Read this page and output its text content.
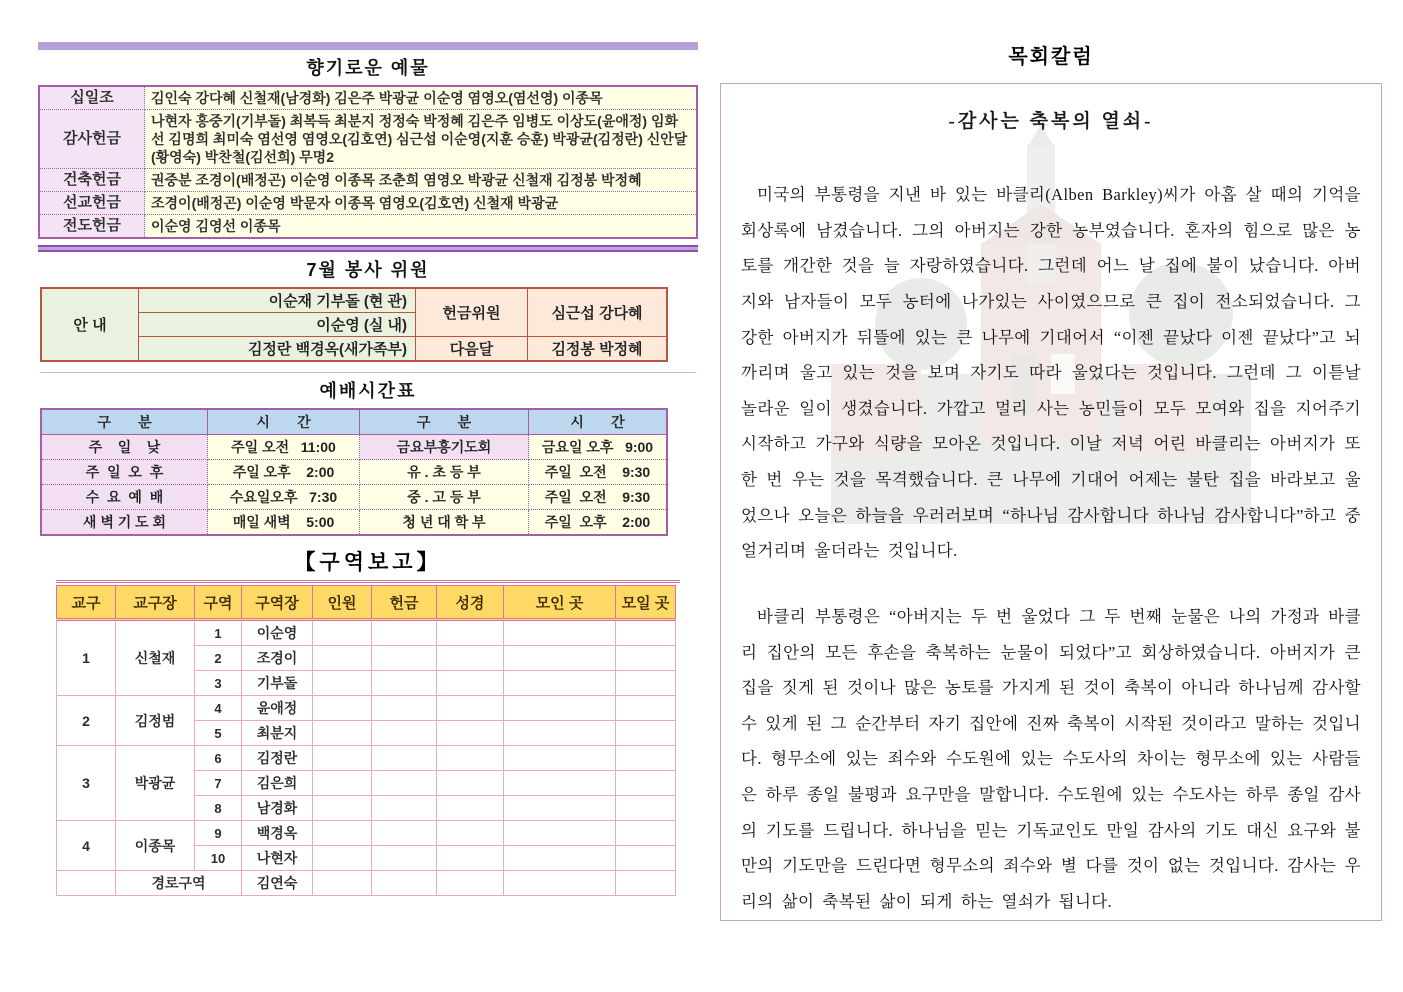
향기로운 예물
십일조	김인숙 강다혜 신철재(남경화) 김은주 박광균 이순영 염영오(염선영) 이종목
감사헌금	나현자 홍중기(기부돌) 최복득 최분지 정정숙 박정혜 김은주 임병도 이상도(윤애정) 임화선 김명희 최미숙 염선영 염영오(김호연) 심근섭 이순영(지훈 승훈) 박광균(김정란) 신안달(황영숙) 박찬철(김선희) 무명2
건축헌금	권중분 조경이(배정곤) 이순영 이종목 조춘희 염영오 박광균 신철재 김정봉 박정혜
선교헌금	조경이(배정곤) 이순영 박문자 이종목 염영오(김호연) 신철재 박광균
전도헌금	이순영 김영선 이종목
7월 봉사 위원
안 내	이순재 기부돌 (현 관)	헌금위원	심근섭 강다혜
	이순영 (실 내)		
	김정란 백경옥(새가족부)	다음달	김정봉 박정혜
예배시간표
구       분	시       간	구       분	시       간
주    일    낮	주일 오전   11:00	금요부흥기도회	금요일 오후   9:00
주  일  오  후	주일 오후    2:00	유 . 초 등 부	주일  오전    9:30
수  요  예  배	수요일오후   7:30	중 . 고 등 부	주일  오전    9:30
새 벽 기 도 회	매일 새벽    5:00	청 년 대 학 부	주일  오후    2:00
【구역보고】
교구	교구장	구역	구역장	인원	헌금	성경	모인 곳	모일 곳
1	신철재	1	이순영					
		2	조경이					
		3	기부돌					
2	김정범	4	윤애정					
		5	최분지					
3	박광균	6	김정란					
		7	김은희					
		8	남경화					
4	이종목	9	백경옥					
		10	나현자					
	경로구역		김연숙					
목회칼럼
-감사는 축복의 열쇠-

미국의 부통령을 지낸 바 있는 바클리(Alben Barkley)씨가 아홉 살 때의 기억을 회상록에 남겼습니다. 그의 아버지는 강한 농부였습니다. 혼자의 힘으로 많은 농토를 개간한 것을 늘 자랑하였습니다. 그런데 어느 날 집에 불이 났습니다. 아버지와 남자들이 모두 농터에 나가있는 사이였으므로 큰 집이 전소되었습니다. 그 강한 아버지가 뒤뜰에 있는 큰 나무에 기대어서 “이젠 끝났다 이젠 끝났다”고 뇌까리며 울고 있는 것을 보며 자기도 따라 울었다는 것입니다. 그런데 그 이튿날 놀라운 일이 생겼습니다. 가깝고 멀리 사는 농민들이 모두 모여와 집을 지어주기 시작하고 가구와 식량을 모아온 것입니다. 이날 저녁 어린 바클리는 아버지가 또 한 번 우는 것을 목격했습니다. 큰 나무에 기대어 어제는 불탄 집을 바라보고 울었으나 오늘은 하늘을 우러러보며 “하나님 감사합니다 하나님 감사합니다”하고 중얼거리며 울더라는 것입니다.

바클리 부통령은 “아버지는 두 번 울었다 그 두 번째 눈물은 나의 가정과 바클리 집안의 모든 후손을 축복하는 눈물이 되었다”고 회상하였습니다. 아버지가 큰 집을 짓게 된 것이나 많은 농토를 가지게 된 것이 축복이 아니라 하나님께 감사할 수 있게 된 그 순간부터 자기 집안에 진짜 축복이 시작된 것이라고 말하는 것입니다. 형무소에 있는 죄수와 수도원에 있는 수도사의 차이는 형무소에 있는 사람들은 하루 종일 불평과 요구만을 말합니다. 수도원에 있는 수도사는 하루 종일 감사의 기도를 드립니다. 하나님을 믿는 기독교인도 만일 감사의 기도 대신 요구와 불만의 기도만을 드린다면 형무소의 죄수와 별 다를 것이 없는 것입니다. 감사는 우리의 삶이 축복된 삶이 되게 하는 열쇠가 됩니다.
